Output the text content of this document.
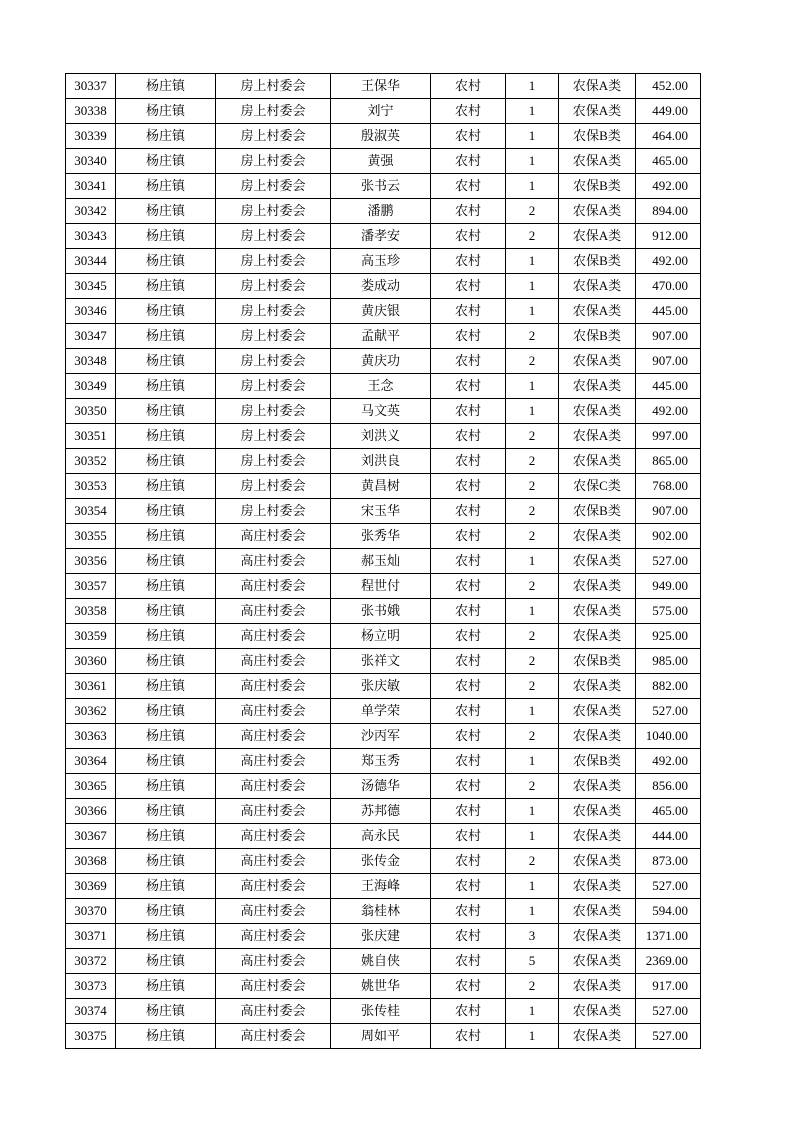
30337	杨庄镇	房上村委会	王保华	农村	1	农保A类	452.00
30338	杨庄镇	房上村委会	刘宁	农村	1	农保A类	449.00
30339	杨庄镇	房上村委会	殷淑英	农村	1	农保B类	464.00
30340	杨庄镇	房上村委会	黄强	农村	1	农保A类	465.00
30341	杨庄镇	房上村委会	张书云	农村	1	农保B类	492.00
30342	杨庄镇	房上村委会	潘鹏	农村	2	农保A类	894.00
30343	杨庄镇	房上村委会	潘孝安	农村	2	农保A类	912.00
30344	杨庄镇	房上村委会	高玉珍	农村	1	农保B类	492.00
30345	杨庄镇	房上村委会	娄成动	农村	1	农保A类	470.00
30346	杨庄镇	房上村委会	黄庆银	农村	1	农保A类	445.00
30347	杨庄镇	房上村委会	孟献平	农村	2	农保B类	907.00
30348	杨庄镇	房上村委会	黄庆功	农村	2	农保A类	907.00
30349	杨庄镇	房上村委会	王念	农村	1	农保A类	445.00
30350	杨庄镇	房上村委会	马文英	农村	1	农保A类	492.00
30351	杨庄镇	房上村委会	刘洪义	农村	2	农保A类	997.00
30352	杨庄镇	房上村委会	刘洪良	农村	2	农保A类	865.00
30353	杨庄镇	房上村委会	黄昌树	农村	2	农保C类	768.00
30354	杨庄镇	房上村委会	宋玉华	农村	2	农保B类	907.00
30355	杨庄镇	高庄村委会	张秀华	农村	2	农保A类	902.00
30356	杨庄镇	高庄村委会	郝玉灿	农村	1	农保A类	527.00
30357	杨庄镇	高庄村委会	程世付	农村	2	农保A类	949.00
30358	杨庄镇	高庄村委会	张书娥	农村	1	农保A类	575.00
30359	杨庄镇	高庄村委会	杨立明	农村	2	农保A类	925.00
30360	杨庄镇	高庄村委会	张祥文	农村	2	农保B类	985.00
30361	杨庄镇	高庄村委会	张庆敏	农村	2	农保A类	882.00
30362	杨庄镇	高庄村委会	单学荣	农村	1	农保A类	527.00
30363	杨庄镇	高庄村委会	沙丙军	农村	2	农保A类	1040.00
30364	杨庄镇	高庄村委会	郑玉秀	农村	1	农保B类	492.00
30365	杨庄镇	高庄村委会	汤德华	农村	2	农保A类	856.00
30366	杨庄镇	高庄村委会	苏邦德	农村	1	农保A类	465.00
30367	杨庄镇	高庄村委会	高永民	农村	1	农保A类	444.00
30368	杨庄镇	高庄村委会	张传金	农村	2	农保A类	873.00
30369	杨庄镇	高庄村委会	王海峰	农村	1	农保A类	527.00
30370	杨庄镇	高庄村委会	翁桂林	农村	1	农保A类	594.00
30371	杨庄镇	高庄村委会	张庆建	农村	3	农保A类	1371.00
30372	杨庄镇	高庄村委会	姚自侠	农村	5	农保A类	2369.00
30373	杨庄镇	高庄村委会	姚世华	农村	2	农保A类	917.00
30374	杨庄镇	高庄村委会	张传桂	农村	1	农保A类	527.00
30375	杨庄镇	高庄村委会	周如平	农村	1	农保A类	527.00
